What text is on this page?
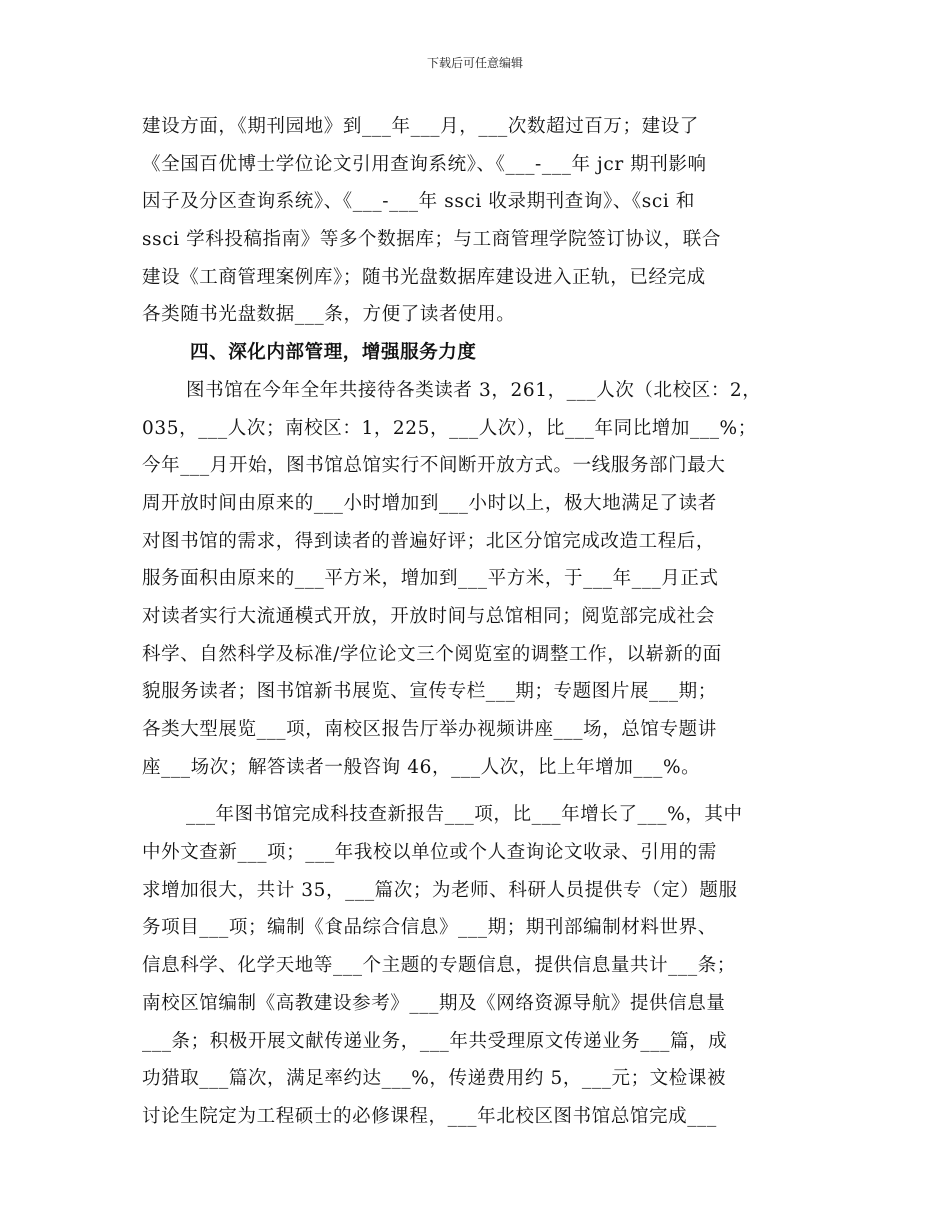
下载后可任意编辑
建设方面，《期刊园地》到___年___月，___次数超过百万；建设了
《全国百优博士学位论文引用查询系统》、《___-___年 jcr 期刊影响
因子及分区查询系统》、《___-___年 ssci 收录期刊查询》、《sci 和
ssci 学科投稿指南》等多个数据库；与工商管理学院签订协议，联合
建设《工商管理案例库》；随书光盘数据库建设进入正轨，已经完成
各类随书光盘数据___条，方便了读者使用。
四、深化内部管理，增强服务力度
图书馆在今年全年共接待各类读者 3，261，___人次（北校区：2，
035，___人次；南校区：1，225，___人次），比___年同比增加___%；
今年___月开始，图书馆总馆实行不间断开放方式。一线服务部门最大
周开放时间由原来的___小时增加到___小时以上，极大地满足了读者
对图书馆的需求，得到读者的普遍好评；北区分馆完成改造工程后，
服务面积由原来的___平方米，增加到___平方米，于___年___月正式
对读者实行大流通模式开放，开放时间与总馆相同；阅览部完成社会
科学、自然科学及标准/学位论文三个阅览室的调整工作，以崭新的面
貌服务读者；图书馆新书展览、宣传专栏___期；专题图片展___期；
各类大型展览___项，南校区报告厅举办视频讲座___场，总馆专题讲
座___场次；解答读者一般咨询 46，___人次，比上年增加___%。
___年图书馆完成科技查新报告___项，比___年增长了___%，其中
中外文查新___项；___年我校以单位或个人查询论文收录、引用的需
求增加很大，共计 35，___篇次；为老师、科研人员提供专（定）题服
务项目___项；编制《食品综合信息》___期；期刊部编制材料世界、
信息科学、化学天地等___个主题的专题信息，提供信息量共计___条；
南校区馆编制《高教建设参考》___期及《网络资源导航》提供信息量
___条；积极开展文献传递业务，___年共受理原文传递业务___篇，成
功猎取___篇次，满足率约达___%，传递费用约 5，___元；文检课被
讨论生院定为工程硕士的必修课程，___年北校区图书馆总馆完成___
